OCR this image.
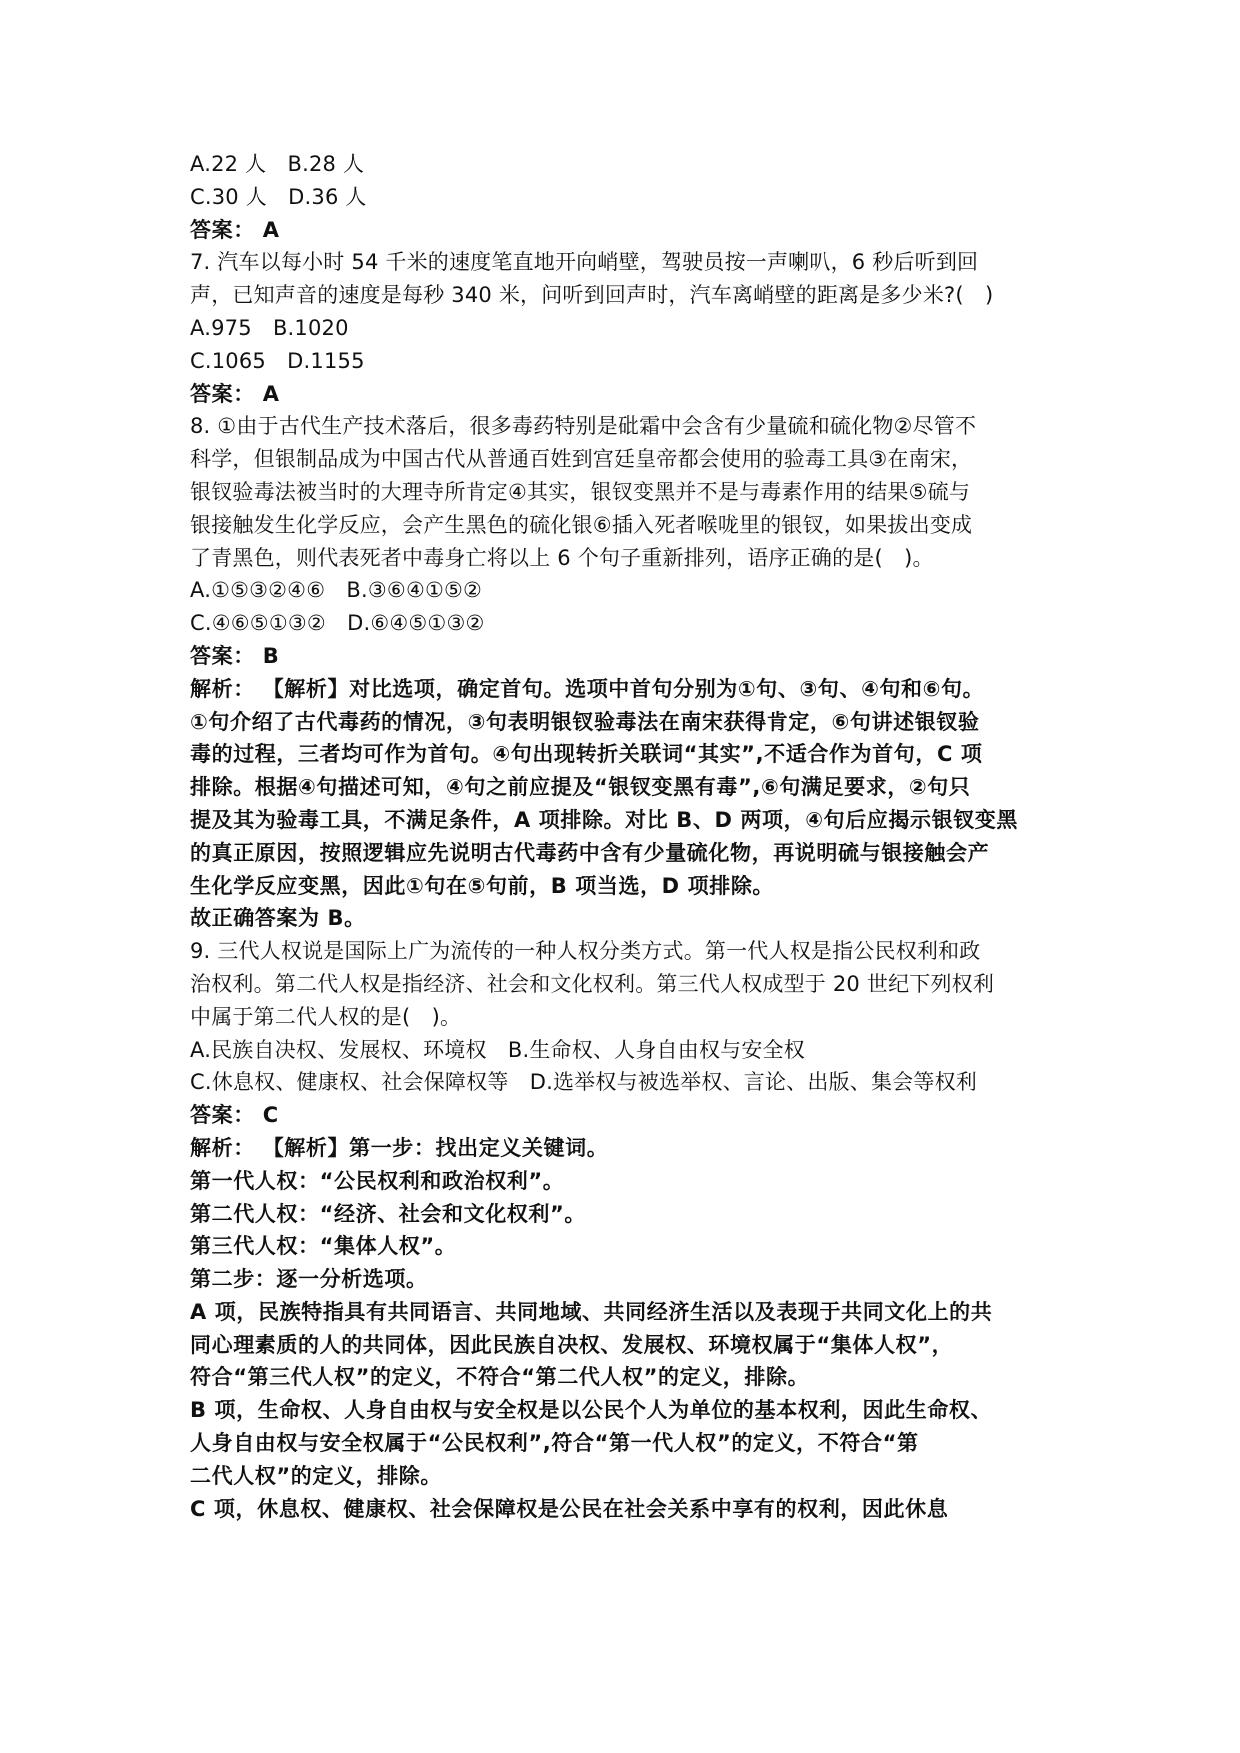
A.22 人　B.28 人
C.30 人　D.36 人
答案： A
7. 汽车以每小时 54 千米的速度笔直地开向峭壁，驾驶员按一声喇叭，6 秒后听到回
声，已知声音的速度是每秒 340 米，问听到回声时，汽车离峭壁的距离是多少米?(　)
A.975　B.1020
C.1065　D.1155
答案： A
8. ①由于古代生产技术落后，很多毒药特别是砒霜中会含有少量硫和硫化物②尽管不
科学，但银制品成为中国古代从普通百姓到宫廷皇帝都会使用的验毒工具③在南宋，
银钗验毒法被当时的大理寺所肯定④其实，银钗变黑并不是与毒素作用的结果⑤硫与
银接触发生化学反应，会产生黑色的硫化银⑥插入死者喉咙里的银钗，如果拔出变成
了青黑色，则代表死者中毒身亡将以上 6 个句子重新排列，语序正确的是(　)。
A.①⑤③②④⑥　B.③⑥④①⑤②
C.④⑥⑤①③②　D.⑥④⑤①③②
答案： B
解析： 【解析】对比选项，确定首句。选项中首句分别为①句、③句、④句和⑥句。
①句介绍了古代毒药的情况，③句表明银钗验毒法在南宋获得肯定，⑥句讲述银钗验
毒的过程，三者均可作为首句。④句出现转折关联词“其实”,不适合作为首句，C 项
排除。根据④句描述可知，④句之前应提及“银钗变黑有毒”,⑥句满足要求，②句只
提及其为验毒工具，不满足条件，A 项排除。对比 B、D 两项，④句后应揭示银钗变黑
的真正原因，按照逻辑应先说明古代毒药中含有少量硫化物，再说明硫与银接触会产
生化学反应变黑，因此①句在⑤句前，B 项当选，D 项排除。
故正确答案为 B。
9. 三代人权说是国际上广为流传的一种人权分类方式。第一代人权是指公民权利和政
治权利。第二代人权是指经济、社会和文化权利。第三代人权成型于 20 世纪下列权利
中属于第二代人权的是(　)。
A.民族自决权、发展权、环境权　B.生命权、人身自由权与安全权
C.休息权、健康权、社会保障权等　D.选举权与被选举权、言论、出版、集会等权利
答案： C
解析： 【解析】第一步：找出定义关键词。
第一代人权：“公民权利和政治权利”。
第二代人权：“经济、社会和文化权利”。
第三代人权：“集体人权”。
第二步：逐一分析选项。
A 项，民族特指具有共同语言、共同地域、共同经济生活以及表现于共同文化上的共
同心理素质的人的共同体，因此民族自决权、发展权、环境权属于“集体人权”，
符合“第三代人权”的定义，不符合“第二代人权”的定义，排除。
B 项，生命权、人身自由权与安全权是以公民个人为单位的基本权利，因此生命权、
人身自由权与安全权属于“公民权利”,符合“第一代人权”的定义，不符合“第
二代人权”的定义，排除。
C 项，休息权、健康权、社会保障权是公民在社会关系中享有的权利，因此休息
